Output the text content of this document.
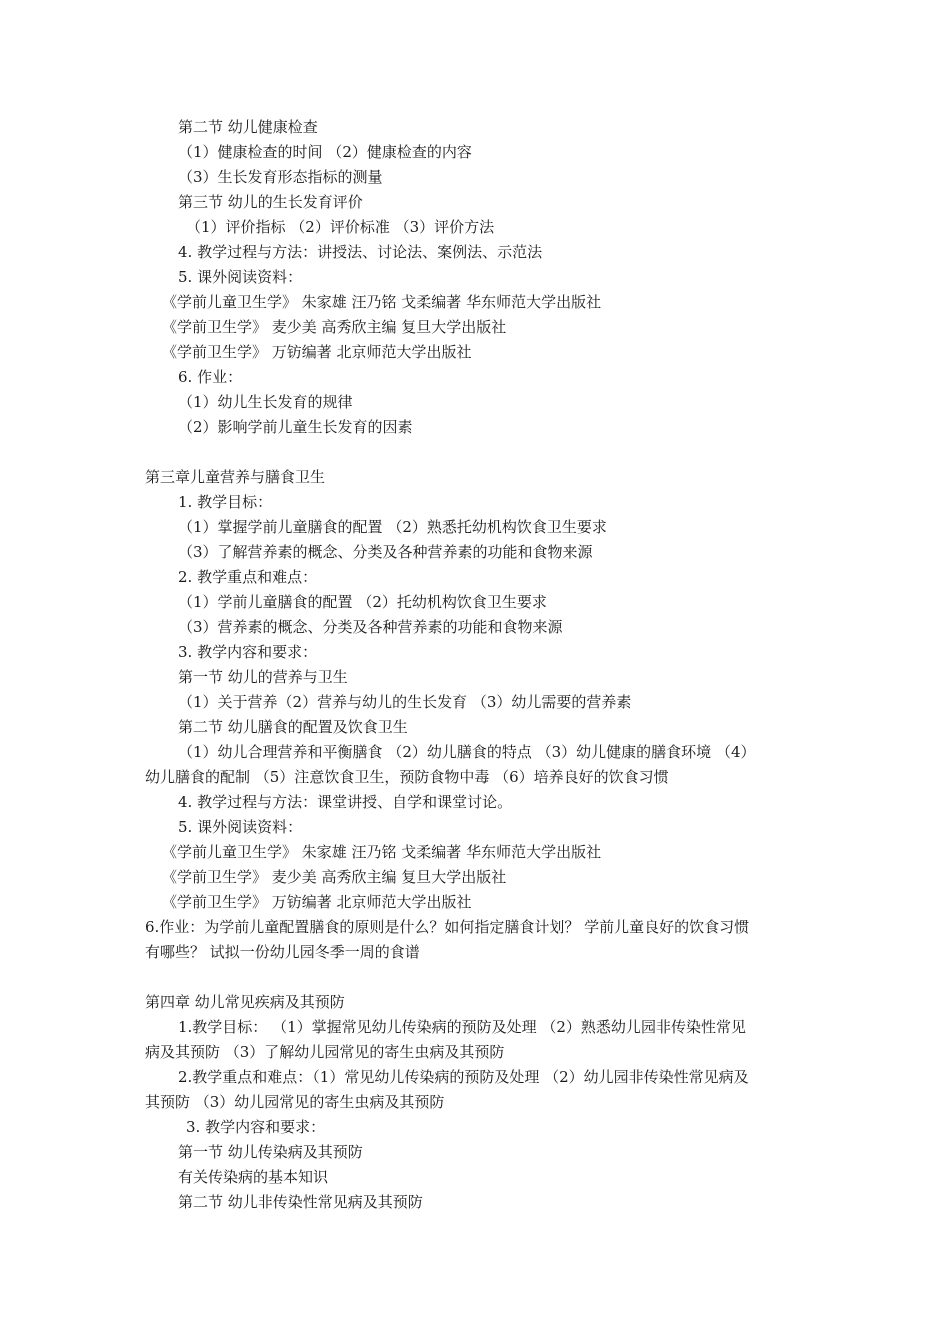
第二节 幼儿健康检查
（1）健康检查的时间 （2）健康检查的内容
（3）生长发育形态指标的测量
第三节 幼儿的生长发育评价
（1）评价指标 （2）评价标准 （3）评价方法
4. 教学过程与方法：讲授法、讨论法、案例法、示范法
5. 课外阅读资料：
《学前儿童卫生学》 朱家雄 汪乃铭 戈柔编著 华东师范大学出版社
《学前卫生学》 麦少美 高秀欣主编 复旦大学出版社
《学前卫生学》 万钫编著 北京师范大学出版社
6. 作业：
（1）幼儿生长发育的规律
（2）影响学前儿童生长发育的因素
第三章儿童营养与膳食卫生
1. 教学目标：
（1）掌握学前儿童膳食的配置 （2）熟悉托幼机构饮食卫生要求
（3）了解营养素的概念、分类及各种营养素的功能和食物来源
2. 教学重点和难点：
（1）学前儿童膳食的配置 （2）托幼机构饮食卫生要求
（3）营养素的概念、分类及各种营养素的功能和食物来源
3. 教学内容和要求：
第一节 幼儿的营养与卫生
（1）关于营养（2）营养与幼儿的生长发育 （3）幼儿需要的营养素
第二节 幼儿膳食的配置及饮食卫生
（1）幼儿合理营养和平衡膳食 （2）幼儿膳食的特点 （3）幼儿健康的膳食环境 （4）
幼儿膳食的配制 （5）注意饮食卫生，预防食物中毒 （6）培养良好的饮食习惯
4. 教学过程与方法：课堂讲授、自学和课堂讨论。
5. 课外阅读资料：
《学前儿童卫生学》 朱家雄 汪乃铭 戈柔编著 华东师范大学出版社
《学前卫生学》 麦少美 高秀欣主编 复旦大学出版社
《学前卫生学》 万钫编著 北京师范大学出版社
6.作业：为学前儿童配置膳食的原则是什么？如何指定膳食计划？ 学前儿童良好的饮食习惯
有哪些？ 试拟一份幼儿园冬季一周的食谱
第四章 幼儿常见疾病及其预防
1.教学目标： （1）掌握常见幼儿传染病的预防及处理 （2）熟悉幼儿园非传染性常见
病及其预防 （3）了解幼儿园常见的寄生虫病及其预防
2.教学重点和难点：（1）常见幼儿传染病的预防及处理 （2）幼儿园非传染性常见病及
其预防 （3）幼儿园常见的寄生虫病及其预防
3. 教学内容和要求：
第一节 幼儿传染病及其预防
有关传染病的基本知识
第二节 幼儿非传染性常见病及其预防
